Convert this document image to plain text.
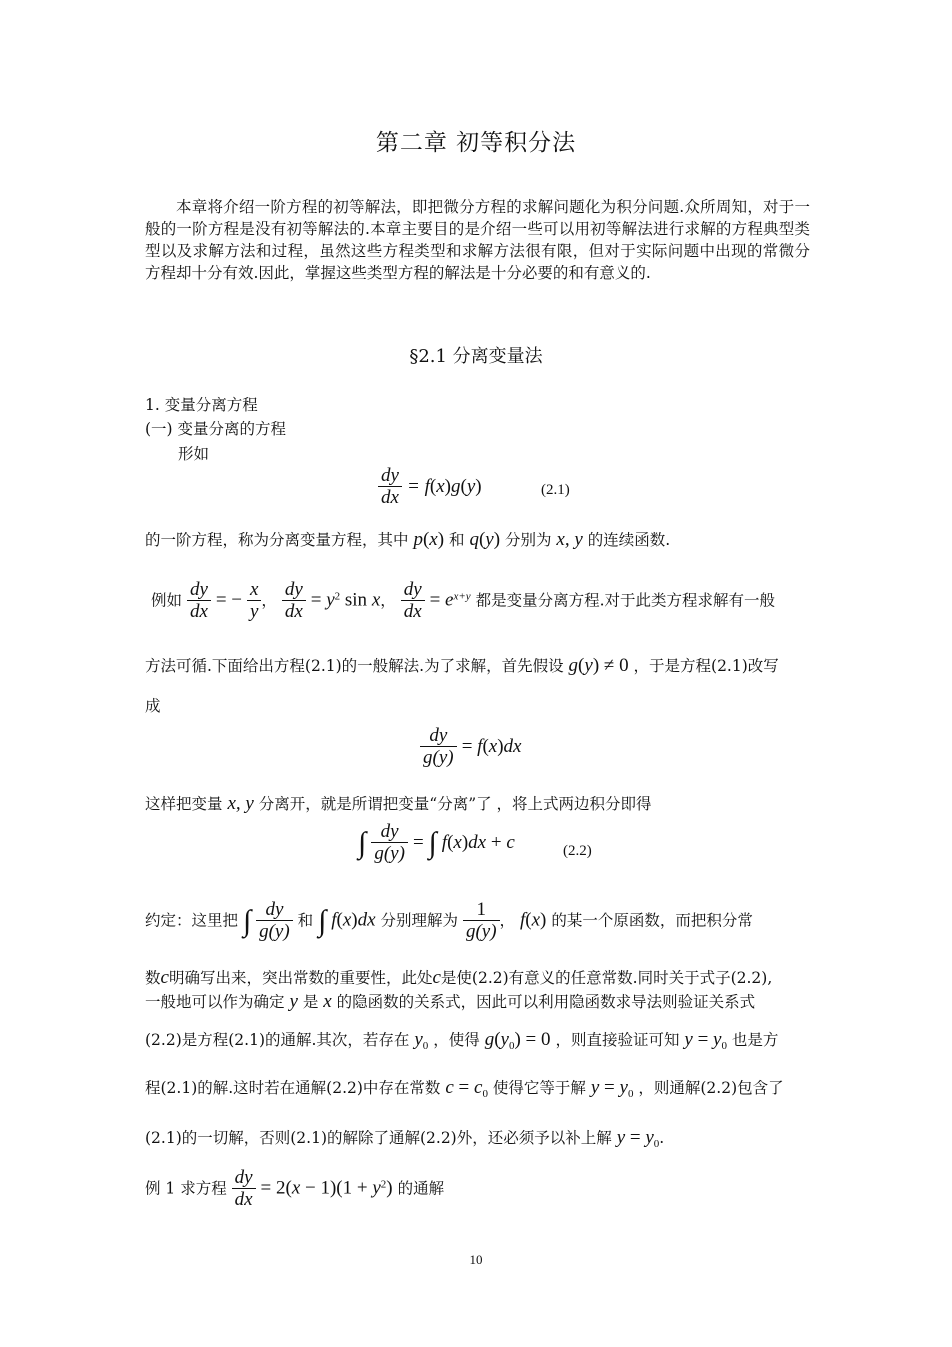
第二章 初等积分法
本章将介绍一阶方程的初等解法，即把微分方程的求解问题化为积分问题.众所周知，对于一般的一阶方程是没有初等解法的.本章主要目的是介绍一些可以用初等解法进行求解的方程典型类型以及求解方法和过程，虽然这些方程类型和求解方法很有限，但对于实际问题中出现的常微分方程却十分有效.因此，掌握这些类型方程的解法是十分必要的和有意义的.
§2.1 分离变量法
1. 变量分离方程
(一) 变量分离的方程
形如
$\frac{dy}{dx} = f(x)g(y)$	(2.1)
的一阶方程，称为分离变量方程，其中 p(x) 和 q(y) 分别为 x, y 的连续函数.
例如 $\frac{dy}{dx}$ = − $\frac{x}{y}$ ， $\frac{dy}{dx} = y^2$ sin x， $\frac{dy}{dx} = e^{x+y}$ 都是变量分离方程.对于此类方程求解有一般
方法可循.下面给出方程(2.1)的一般解法.为了求解，首先假设 g(y) ≠ 0 ，于是方程(2.1)改写
成
$\frac{dy}{g(y)} = f(x)dx$
这样把变量 x, y 分离开，就是所谓把变量“分离”了 ，将上式两边积分即得
∫ $\frac{dy}{g(y)}$ = ∫ f(x)dx + c	(2.2)
约定：这里把 ∫ $\frac{dy}{g(y)}$ 和 ∫ f(x)dx 分别理解为 $\frac{1}{g(y)}$ ， f(x) 的某一个原函数，而把积分常
数c明确写出来，突出常数的重要性，此处c是使(2.2)有意义的任意常数.同时关于式子(2.2),
一般地可以作为确定 y 是 x 的隐函数的关系式，因此可以利用隐函数求导法则验证关系式
(2.2)是方程(2.1)的通解.其次，若存在 $y_0$ ，使得 $g(y_0) = 0$ ，则直接验证可知 $y = y_0$ 也是方
程(2.1)的解.这时若在通解(2.2)中存在常数 $c = c_0$ 使得它等于解 $y = y_0$ ，则通解(2.2)包含了
(2.1)的一切解，否则(2.1)的解除了通解(2.2)外，还必须予以补上解 $y = y_0$.
例 1 求方程 $\frac{dy}{dx} = 2(x - 1)(1 + y^2)$ 的通解
10
